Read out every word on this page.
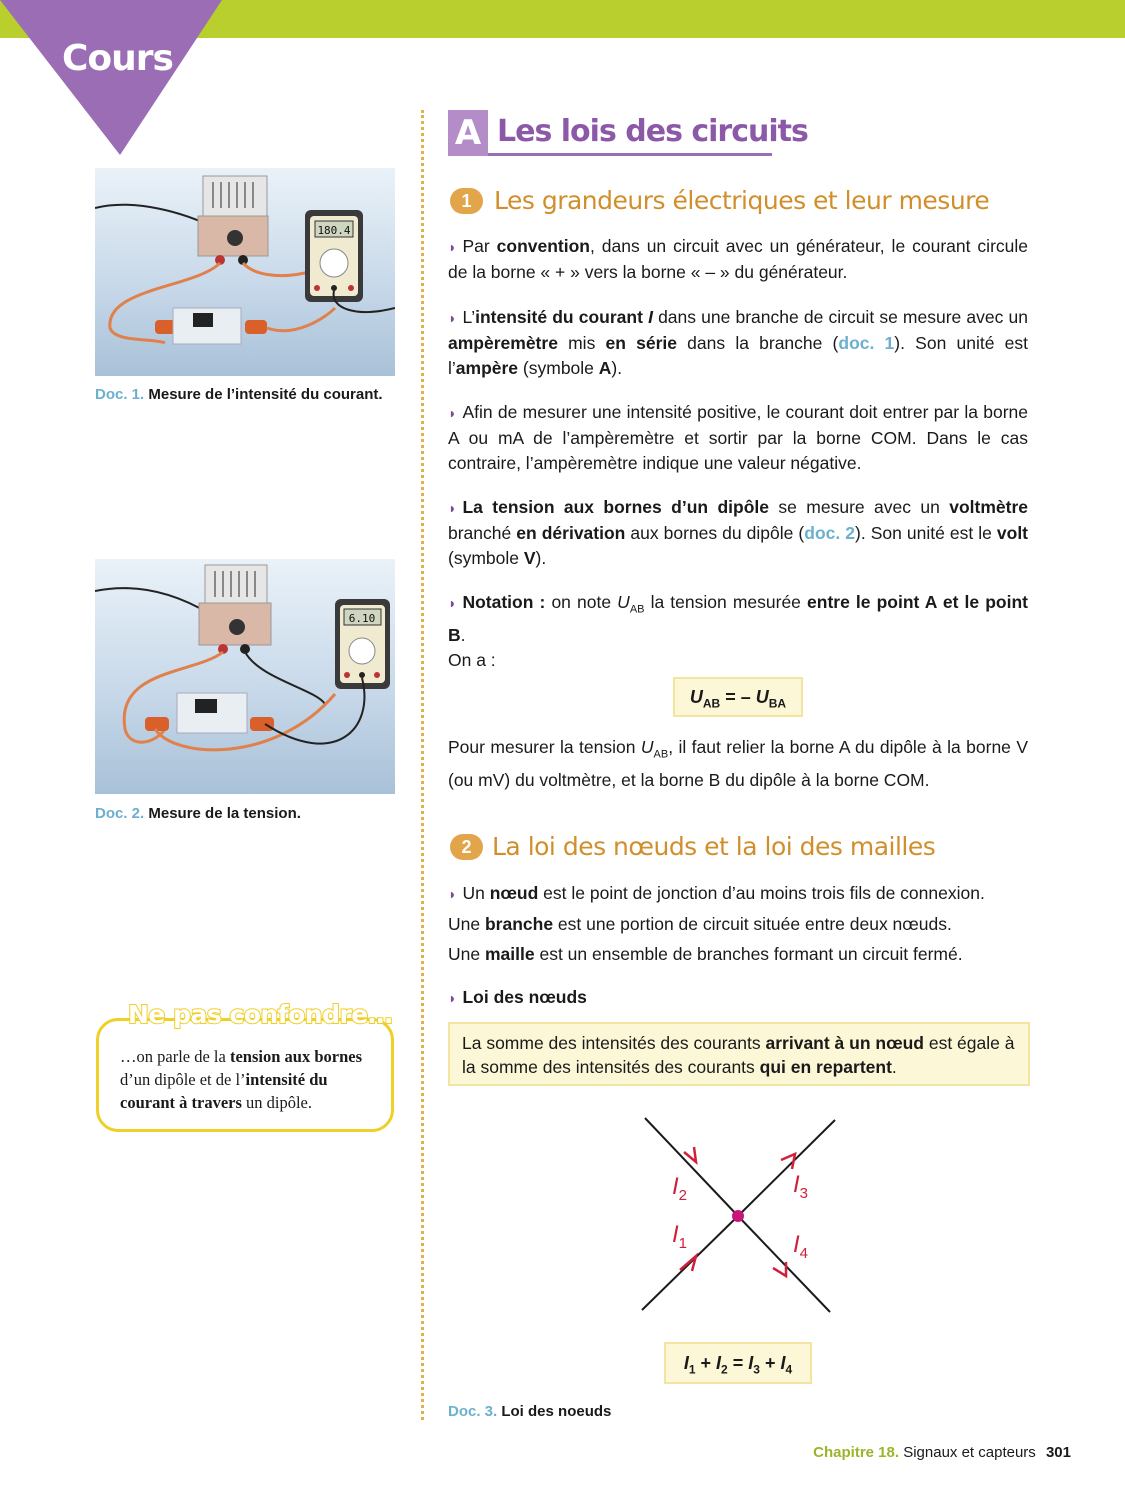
Cours
180.4
Doc. 1. Mesure de l’intensité du courant.
6.10
Doc. 2. Mesure de la tension.
Ne pas confondre…
…on parle de la tension aux bornes d’un dipôle et de l’intensité du courant à travers un dipôle.
A Les lois des circuits
1 Les grandeurs électriques et leur mesure
◗ Par convention, dans un circuit avec un générateur, le courant circule de la borne « + » vers la borne « – » du générateur.
◗ L’intensité du courant I dans une branche de circuit se mesure avec un ampèremètre mis en série dans la branche (doc. 1). Son unité est l’ampère (symbole A).
◗ Afin de mesurer une intensité positive, le courant doit entrer par la borne A ou mA de l’ampèremètre et sortir par la borne COM. Dans le cas contraire, l’ampèremètre indique une valeur négative.
◗ La tension aux bornes d’un dipôle se mesure avec un voltmètre branché en dérivation aux bornes du dipôle (doc. 2). Son unité est le volt (symbole V).
◗ Notation : on note $U_{AB}$ la tension mesurée entre le point A et le point B.
On a :
$U_{AB}$ = – $U_{BA}$
Pour mesurer la tension $U_{AB}$, il faut relier la borne A du dipôle à la borne V (ou mV) du voltmètre, et la borne B du dipôle à la borne COM.
2 La loi des nœuds et la loi des mailles
◗ Un nœud est le point de jonction d’au moins trois fils de connexion.
Une branche est une portion de circuit située entre deux nœuds.
Une maille est un ensemble de branches formant un circuit fermé.
◗ Loi des nœuds
La somme des intensités des courants arrivant à un nœud est égale à la somme des intensités des courants qui en repartent.
$I_2$
$I_1$
$I_3$
$I_4$
$I_1 + I_2 = I_3 + I_4$
Doc. 3. Loi des noeuds
Chapitre 18. Signaux et capteurs 301
